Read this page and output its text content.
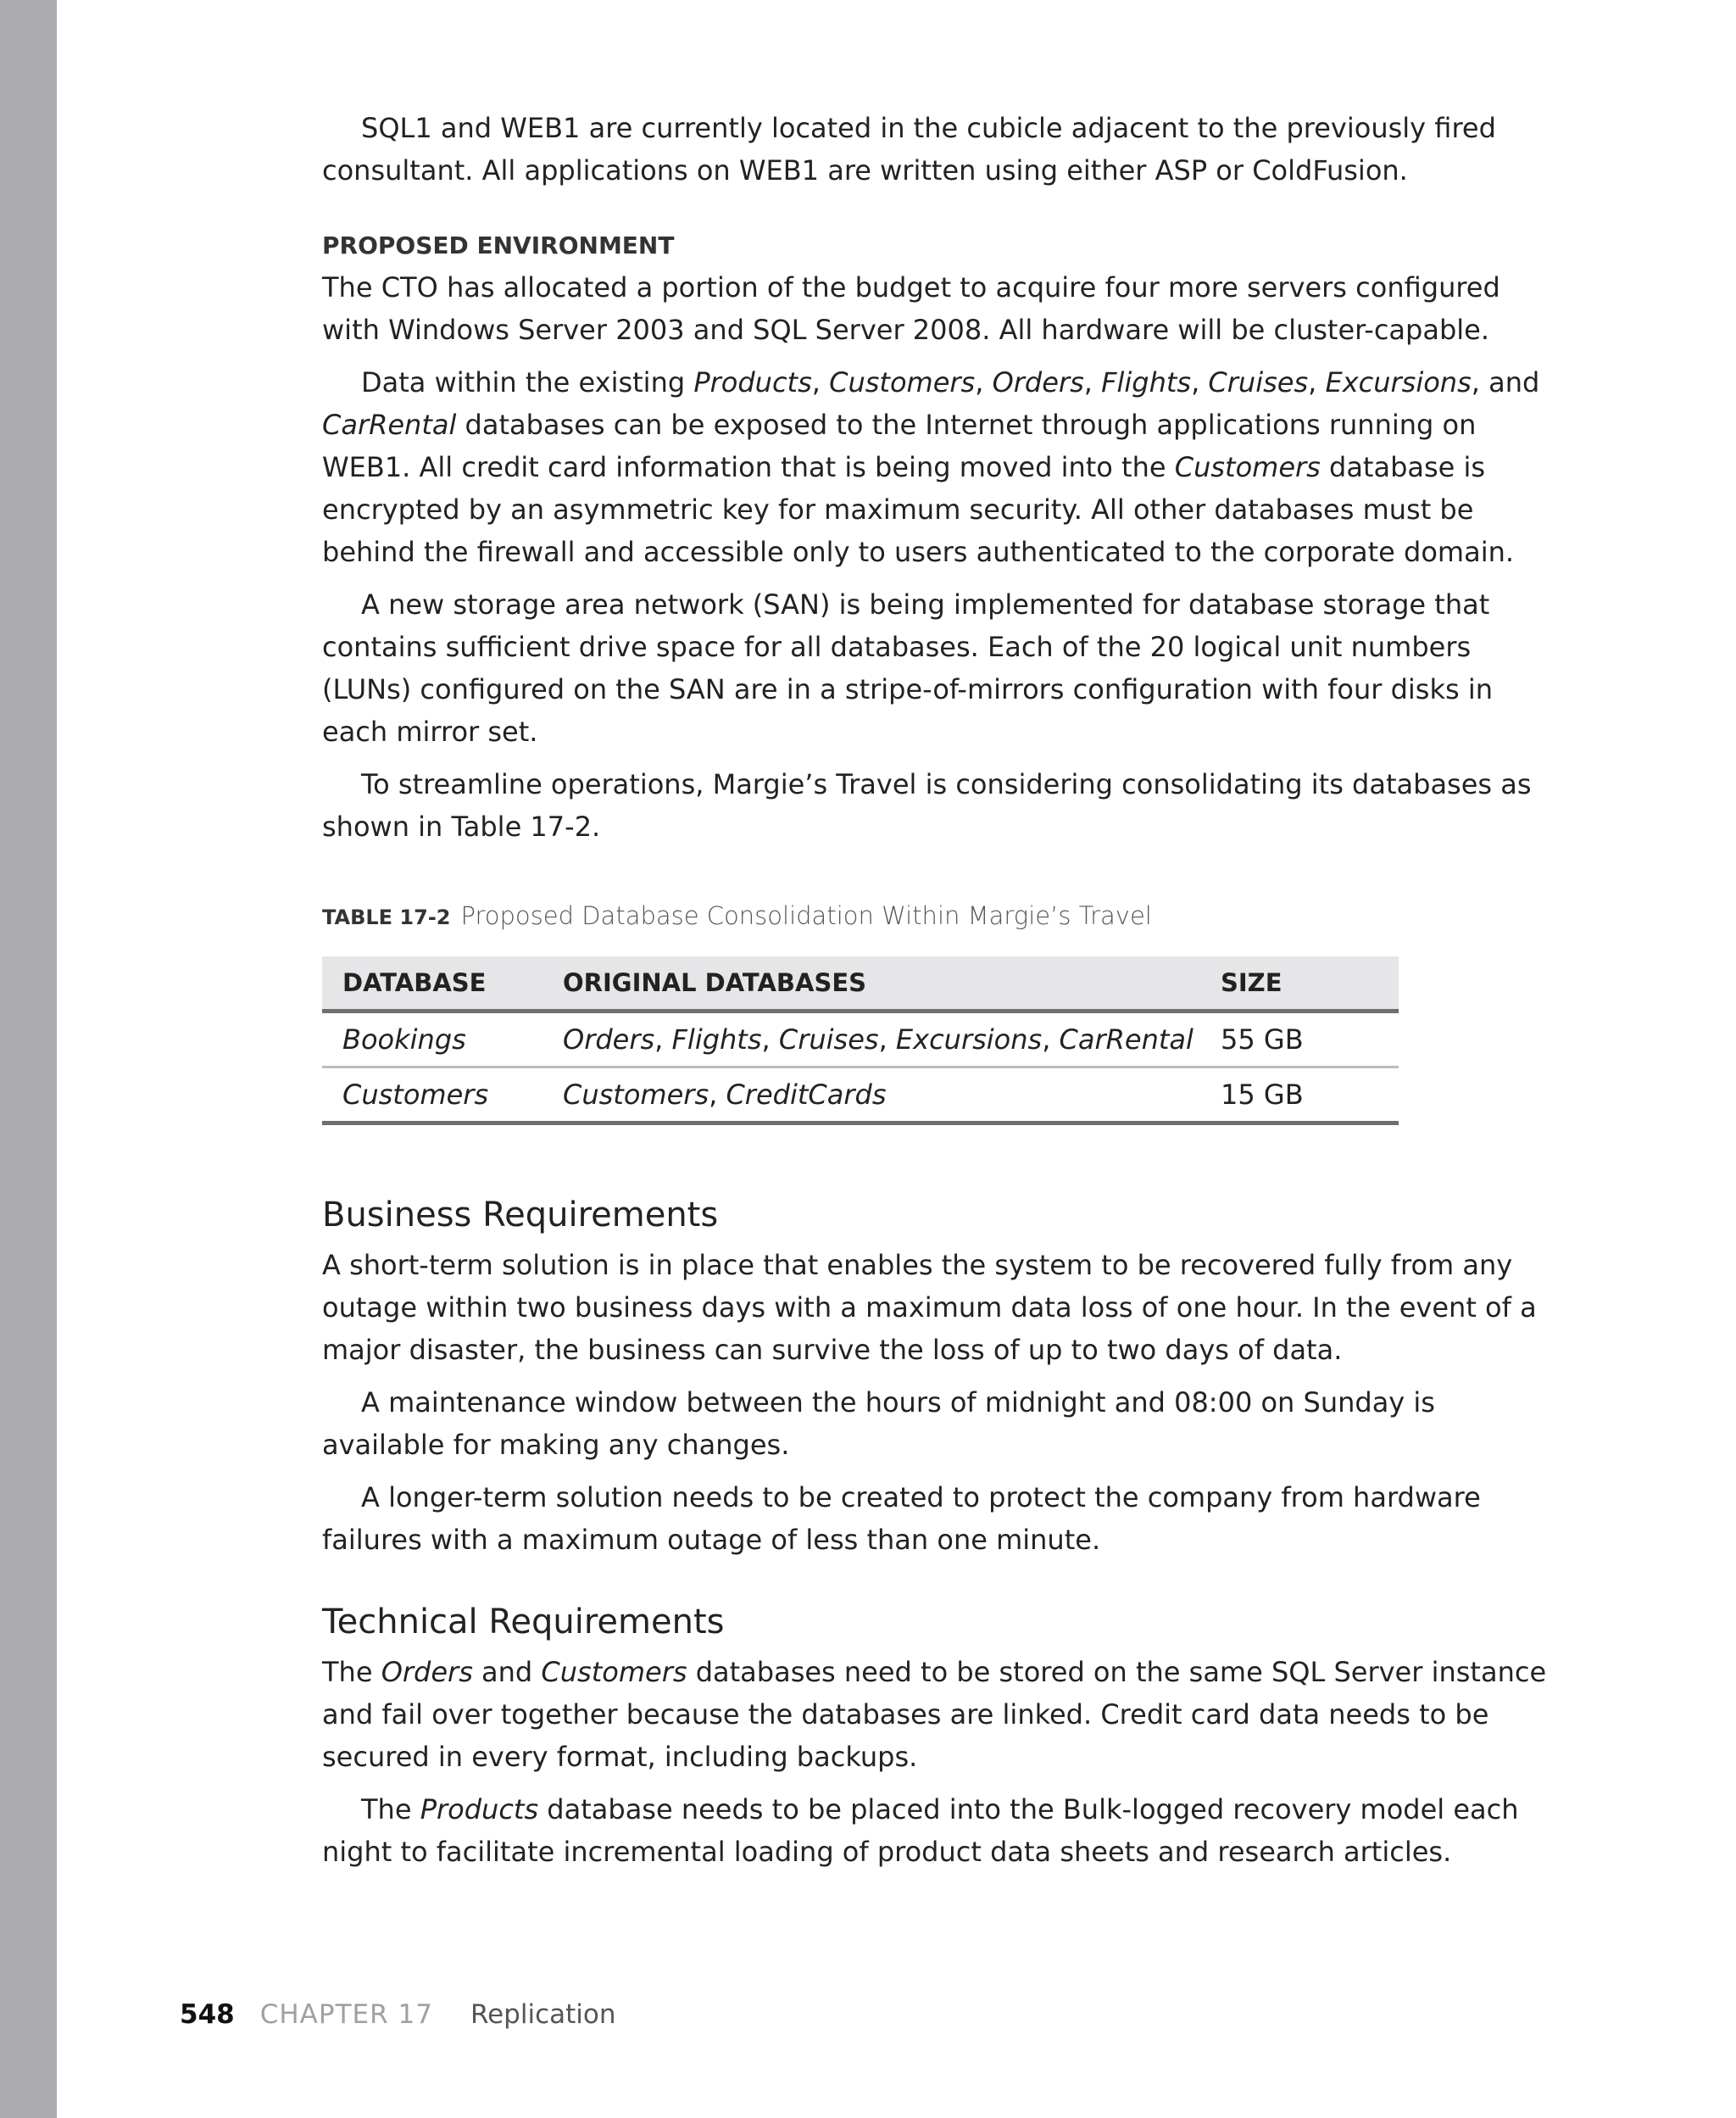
SQL1 and WEB1 are currently located in the cubicle adjacent to the previously fired consultant. All applications on WEB1 are written using either ASP or ColdFusion.

PROPOSED ENVIRONMENT

The CTO has allocated a portion of the budget to acquire four more servers configured with Windows Server 2003 and SQL Server 2008. All hardware will be cluster-capable.

Data within the existing Products, Customers, Orders, Flights, Cruises, Excursions, and CarRental databases can be exposed to the Internet through applications running on WEB1. All credit card information that is being moved into the Customers database is encrypted by an asymmetric key for maximum security. All other databases must be behind the firewall and accessible only to users authenticated to the corporate domain.

A new storage area network (SAN) is being implemented for database storage that contains sufficient drive space for all databases. Each of the 20 logical unit numbers (LUNs) configured on the SAN are in a stripe-of-mirrors configuration with four disks in each mirror set.

To streamline operations, Margie’s Travel is considering consolidating its databases as shown in Table 17-2.

TABLE 17-2 Proposed Database Consolidation Within Margie’s Travel
DATABASE	ORIGINAL DATABASES	SIZE
Bookings	Orders, Flights, Cruises, Excursions, CarRental	55 GB
Customers	Customers, CreditCards	15 GB
Business Requirements

A short-term solution is in place that enables the system to be recovered fully from any outage within two business days with a maximum data loss of one hour. In the event of a major disaster, the business can survive the loss of up to two days of data.

A maintenance window between the hours of midnight and 08:00 on Sunday is available for making any changes.

A longer-term solution needs to be created to protect the company from hardware failures with a maximum outage of less than one minute.

Technical Requirements

The Orders and Customers databases need to be stored on the same SQL Server instance and fail over together because the databases are linked. Credit card data needs to be secured in every format, including backups.

The Products database needs to be placed into the Bulk-logged recovery model each night to facilitate incremental loading of product data sheets and research articles.

548 CHAPTER 17 Replication
